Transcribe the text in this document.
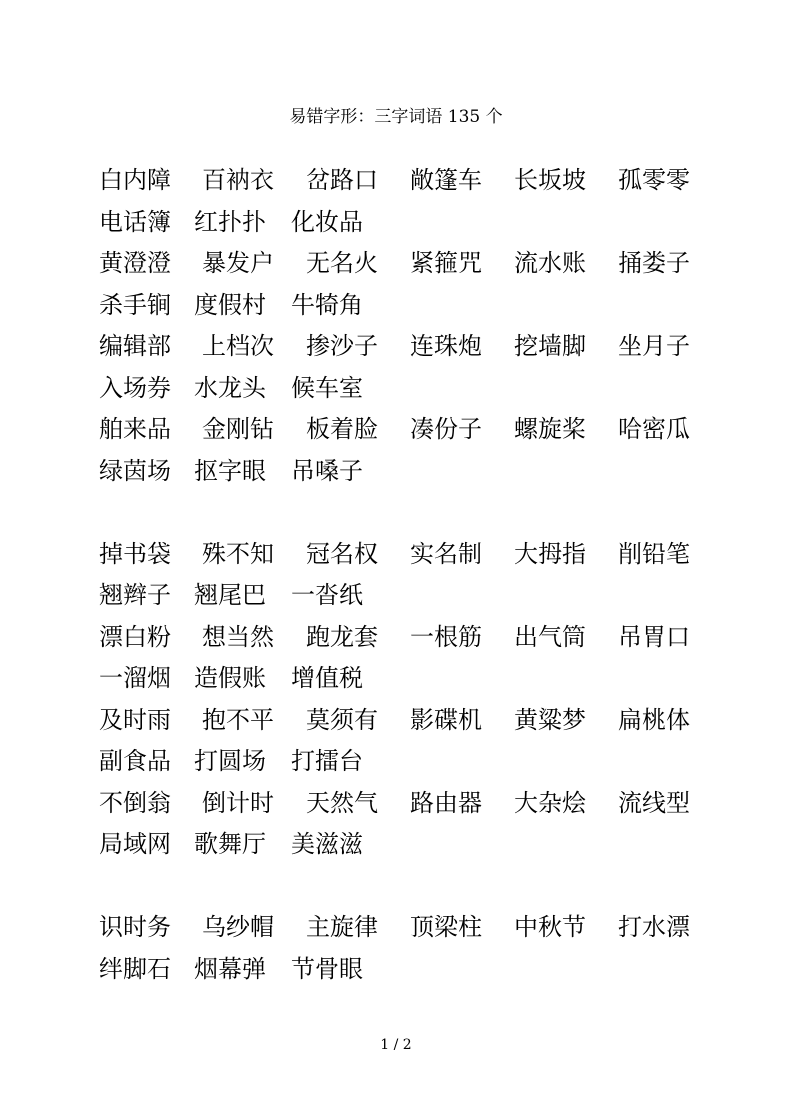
易错字形：三字词语 135 个
白内障 百衲衣 岔路口 敞篷车 长坂坡 孤零零
电话簿 红扑扑 化妆品
黄澄澄 暴发户 无名火 紧箍咒 流水账 捅娄子
杀手锏 度假村 牛犄角
编辑部 上档次 掺沙子 连珠炮 挖墙脚 坐月子
入场券 水龙头 候车室
舶来品 金刚钻 板着脸 凑份子 螺旋桨 哈密瓜
绿茵场 抠字眼 吊嗓子
掉书袋 殊不知 冠名权 实名制 大拇指 削铅笔
翘辫子 翘尾巴 一沓纸
漂白粉 想当然 跑龙套 一根筋 出气筒 吊胃口
一溜烟 造假账 增值税
及时雨 抱不平 莫须有 影碟机 黄粱梦 扁桃体
副食品 打圆场 打擂台
不倒翁 倒计时 天然气 路由器 大杂烩 流线型
局域网 歌舞厅 美滋滋
识时务 乌纱帽 主旋律 顶梁柱 中秋节 打水漂
绊脚石 烟幕弹 节骨眼
1 / 2
